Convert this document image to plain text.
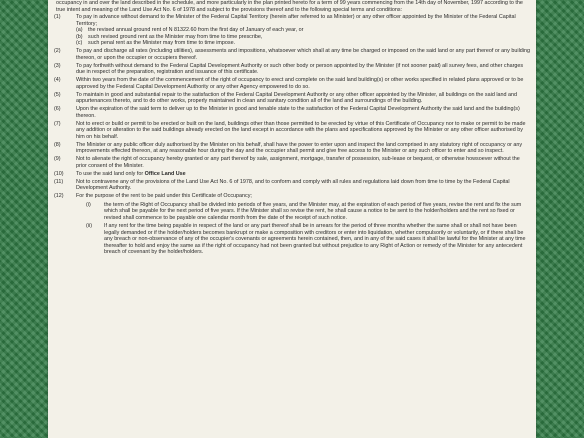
occupancy in and over the land described in the schedule, and more particularly in the plan printed hereto for a term of 99 years commencing from the 14th day of November, 1997 according to the true intent and meaning of the Land Use Act No. 6 of 1978 and subject to the provisions thereof and to the following special terms and conditions:

(1)	To pay in advance without demand to the Minister of the Federal Capital Territory (herein after referred to as Minister) or any other officer appointed by the Minister of the Federal Capital Territory;
(a)	the revised annual ground rent of N 81322.60 from the first day of January of each year, or
(b)	such revised ground rent as the Minister may from time to time prescribe,
(c)	such penal rent as the Minister may from time to time impose.
(2)	To pay and discharge all rates (including utilities), assessments and impositions, whatsoever which shall at any time be charged or imposed on the said land or any part thereof or any building thereon, or upon the occupier or occupiers thereof.
(3)	To pay forthwith without demand to the Federal Capital Development Authority or such other body or person appointed by the Minister (if not sooner paid) all survey fees, and other charges due in respect of the preparation, registration and issuance of this certificate.
(4)	Within two years from the date of the commencement of the right of occupancy to erect and complete on the said land building(s) or other works specified in related plans approved or to be approved by the Federal Capital Development Authority or any other Agency empowered to do so.
(5)	To maintain in good and substantial repair to the satisfaction of the Federal Capital Development Authority or any other officer appointed by the Minister, all buildings on the said land and appurtenances thereto, and to do other works, properly maintained in clean and sanitary condition all of the land and surroundings of the building.
(6)	Upon the expiration of the said term to deliver up to the Minister in good and tenable state to the satisfaction of the Federal Capital Development Authority the said land and the building(s) thereon.
(7)	Not to erect or build or permit to be erected or built on the land, buildings other than those permitted to be erected by virtue of this Certificate of Occupancy nor to make or permit to be made any addition or alteration to the said buildings already erected on the land except in accordance with the plans and specifications approved by the Minister or any other officer authorised by him on his behalf.
(8)	The Minister or any public officer duly authorised by the Minister on his behalf, shall have the power to enter upon and inspect the land comprised in any statutory right of occupancy or any improvements effected thereon, at any reasonable hour during the day and the occupier shall permit and give free access to the Minister or any such officer to enter and so inspect.
(9)	Not to alienate the right of occupancy hereby granted or any part thereof by sale, assignment, mortgage, transfer of possession, sub-lease or bequest, or otherwise howsoever without the prior consent of the Minister.
(10)	To use the said land only for Office Land Use
(11)	Not to contravene any of the provisions of the Land Use Act No. 6 of 1978, and to conform and comply with all rules and regulations laid down from time to time by the Federal Capital Development Authority.
(12)	For the purpose of the rent to be paid under this Certificate of Occupancy;
(i)	the term of the Right of Occupancy shall be divided into periods of five years, and the Minister may, at the expiration of each period of five years, revise the rent and fix the sum which shall be payable for the next period of five years. If the Minister shall so revise the rent, he shall cause a notice to be sent to the holder/holders and the rent so fixed or revised shall commence to be payable one calendar month from the date of the receipt of such notice.
(ii)	If any rent for the time being payable in respect of the land or any part thereof shall be in arrears for the period of three months whether the same shall or shall not have been legally demanded or if the holder/holders becomes bankrupt or make a composition with creditors or enter into liquidation, whether compulsorily or voluntarily, or if there shall be any breach or non-observance of any of the occupier's covenants or agreements herein contained, then, and in any of the said cases it shall be lawful for the Minister at any time thereafter to hold and enjoy the same as if the right of occupancy had not been granted but without prejudice to any Right of Action or remedy of the Minister for any antecedent breach of covenant by the holder/holders.
